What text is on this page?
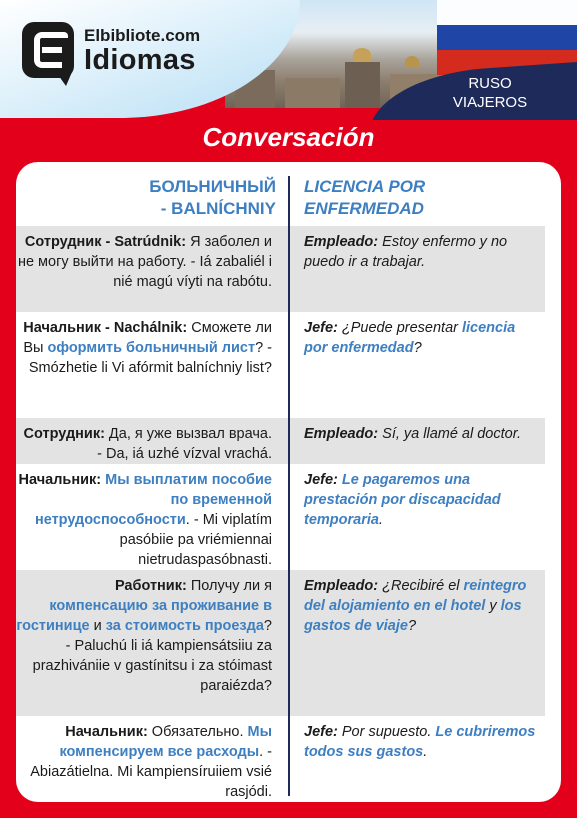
RUSO
VIAJEROS
Elbibliote.com
Idiomas
Conversación
БОЛЬНИЧНЫЙ
- BALNÍCHNIY
LICENCIA POR
ENFERMEDAD
Сотрудник - Satrúdnik: Я заболел и не могу выйти на работу. - Iá zabaliél i nié magú víyti na rabótu.
Empleado: Estoy enfermo y no puedo ir a trabajar.
Начальник - Nachálnik: Сможете ли Вы оформить больничный лист? - Smózhetie li Vi afórmit balníchniy list?
Jefe: ¿Puede presentar licencia por enfermedad?
Сотрудник: Да, я уже вызвал врача. - Da, iá uzhé vízval vrachá.
Empleado: Sí, ya llamé al doctor.
Начальник: Мы выплатим пособие по временной нетрудоспособности. - Mi viplatím pasóbiie pa vriémiennai nietrudaspasóbnasti.
Jefe: Le pagaremos una prestación por discapacidad temporaria.
Работник: Получу ли я компенсацию за проживание в гостинице и за стоимость проезда? - Paluchú li iá kampiensátsiiu za prazhivániie v gastínitsu i za stóimast paraiézda?
Empleado: ¿Recibiré el reintegro del alojamiento en el hotel y los gastos de viaje?
Начальник: Обязательно. Мы компенсируем все расходы. - Abiazátielna. Mi kampiensíruiiem vsié rasjódi.
Jefe: Por supuesto. Le cubriremos todos sus gastos.
